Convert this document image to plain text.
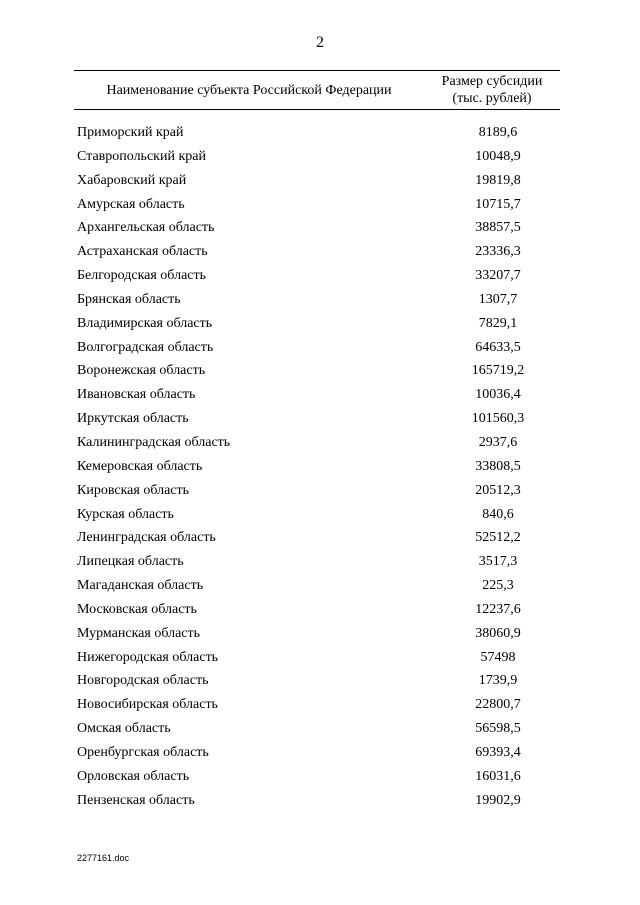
2
Наименование субъекта Российской Федерации
Размер субсидии
(тыс. рублей)
Приморский край	8189,6
Ставропольский край	10048,9
Хабаровский край	19819,8
Амурская область	10715,7
Архангельская область	38857,5
Астраханская область	23336,3
Белгородская область	33207,7
Брянская область	1307,7
Владимирская область	7829,1
Волгоградская область	64633,5
Воронежская область	165719,2
Ивановская область	10036,4
Иркутская область	101560,3
Калининградская область	2937,6
Кемеровская область	33808,5
Кировская область	20512,3
Курская область	840,6
Ленинградская область	52512,2
Липецкая область	3517,3
Магаданская область	225,3
Московская область	12237,6
Мурманская область	38060,9
Нижегородская область	57498
Новгородская область	1739,9
Новосибирская область	22800,7
Омская область	56598,5
Оренбургская область	69393,4
Орловская область	16031,6
Пензенская область	19902,9
2277161.doc
